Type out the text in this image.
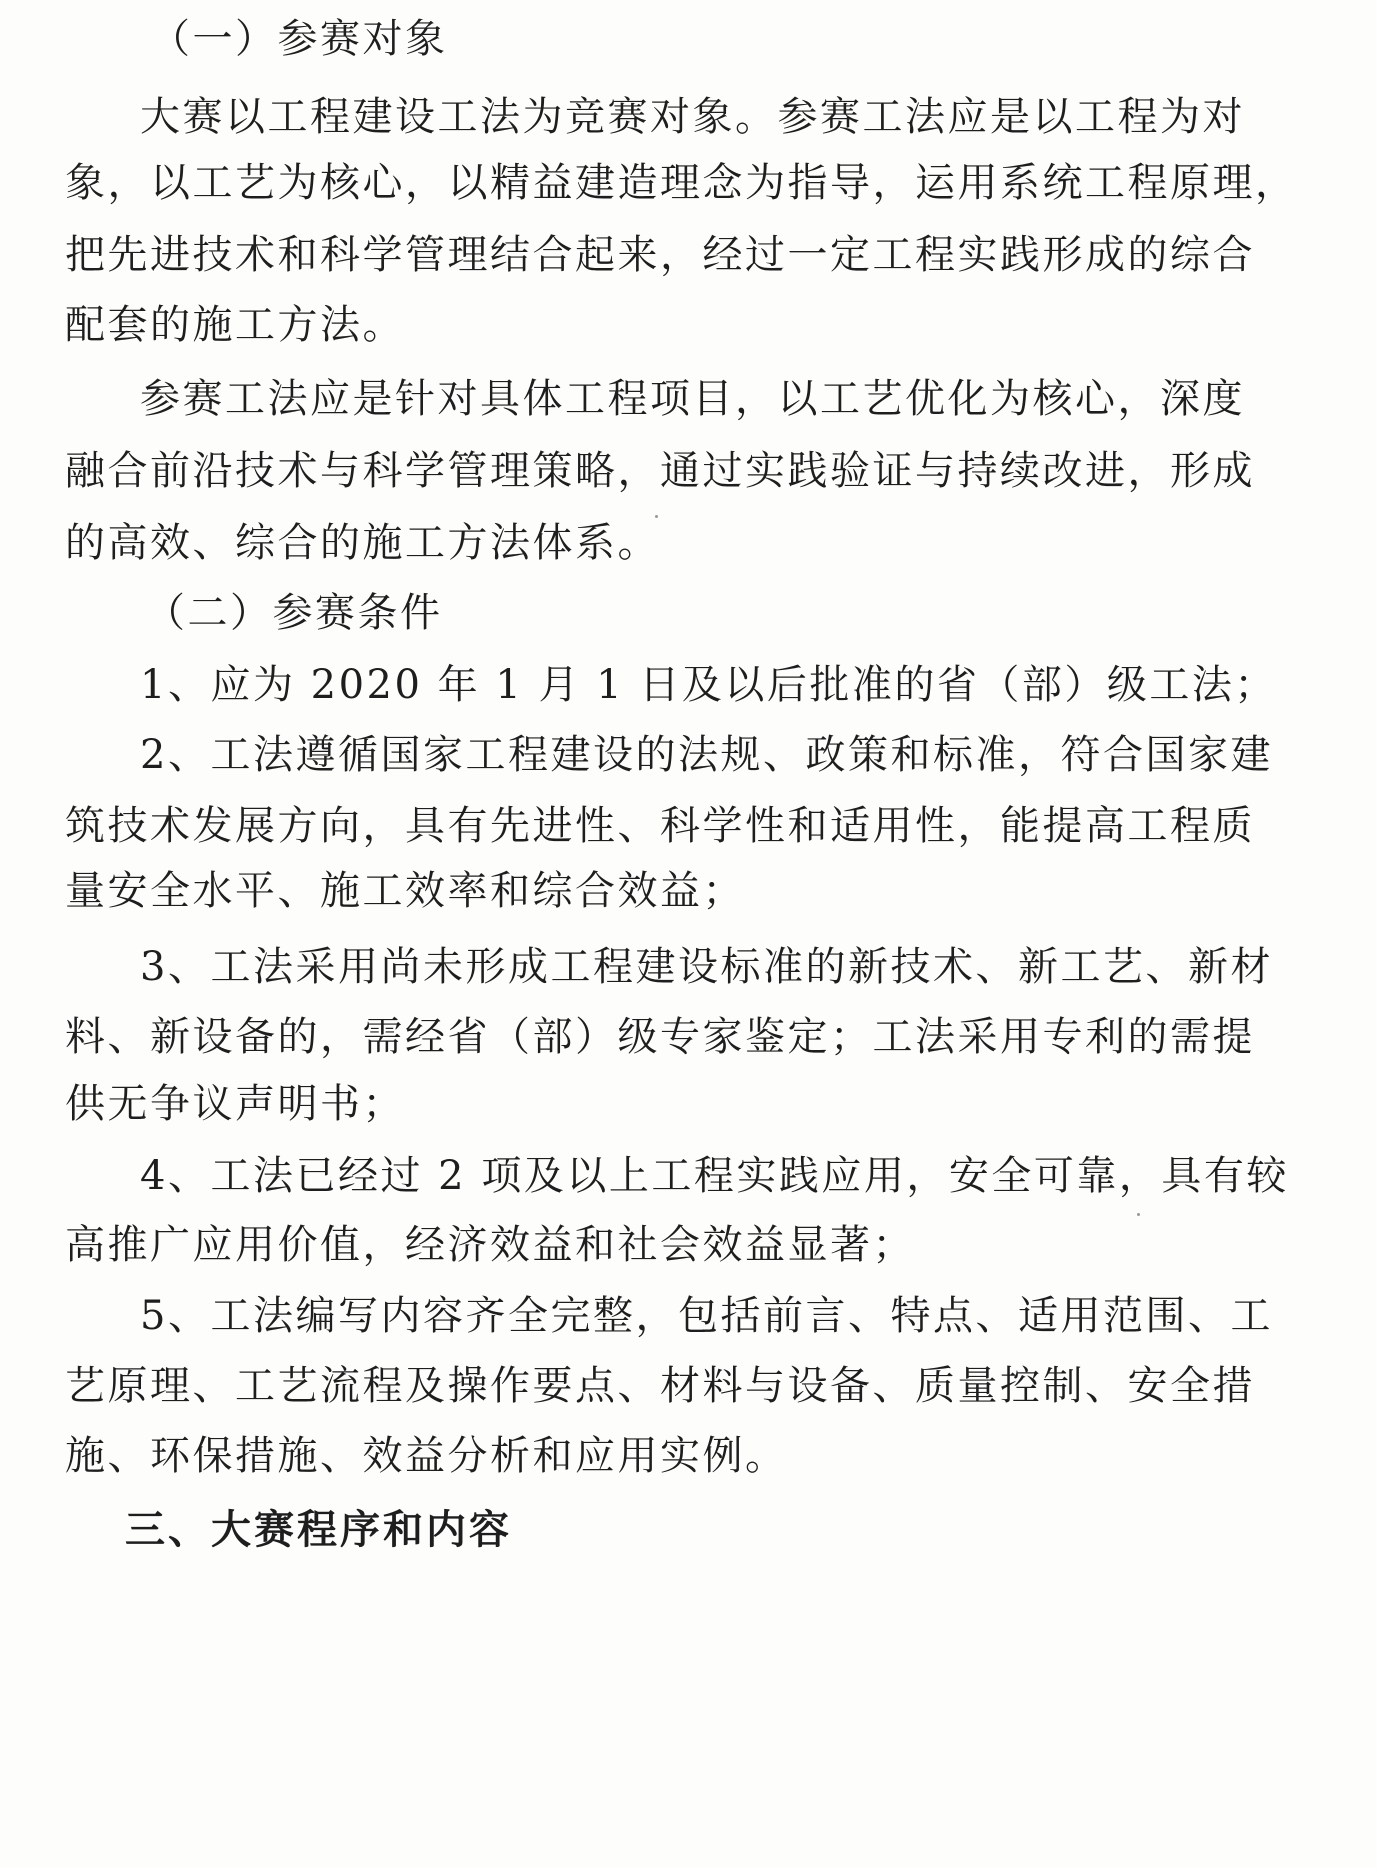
（一）参赛对象
大赛以工程建设工法为竞赛对象。参赛工法应是以工程为对
象，以工艺为核心，以精益建造理念为指导，运用系统工程原理，
把先进技术和科学管理结合起来，经过一定工程实践形成的综合
配套的施工方法。
参赛工法应是针对具体工程项目，以工艺优化为核心，深度
融合前沿技术与科学管理策略，通过实践验证与持续改进，形成
的高效、综合的施工方法体系。
（二）参赛条件
1、应为 2020 年 1 月 1 日及以后批准的省（部）级工法；
2、工法遵循国家工程建设的法规、政策和标准，符合国家建
筑技术发展方向，具有先进性、科学性和适用性，能提高工程质
量安全水平、施工效率和综合效益；
3、工法采用尚未形成工程建设标准的新技术、新工艺、新材
料、新设备的，需经省（部）级专家鉴定；工法采用专利的需提
供无争议声明书；
4、工法已经过 2 项及以上工程实践应用，安全可靠，具有较
高推广应用价值，经济效益和社会效益显著；
5、工法编写内容齐全完整，包括前言、特点、适用范围、工
艺原理、工艺流程及操作要点、材料与设备、质量控制、安全措
施、环保措施、效益分析和应用实例。
三、大赛程序和内容
